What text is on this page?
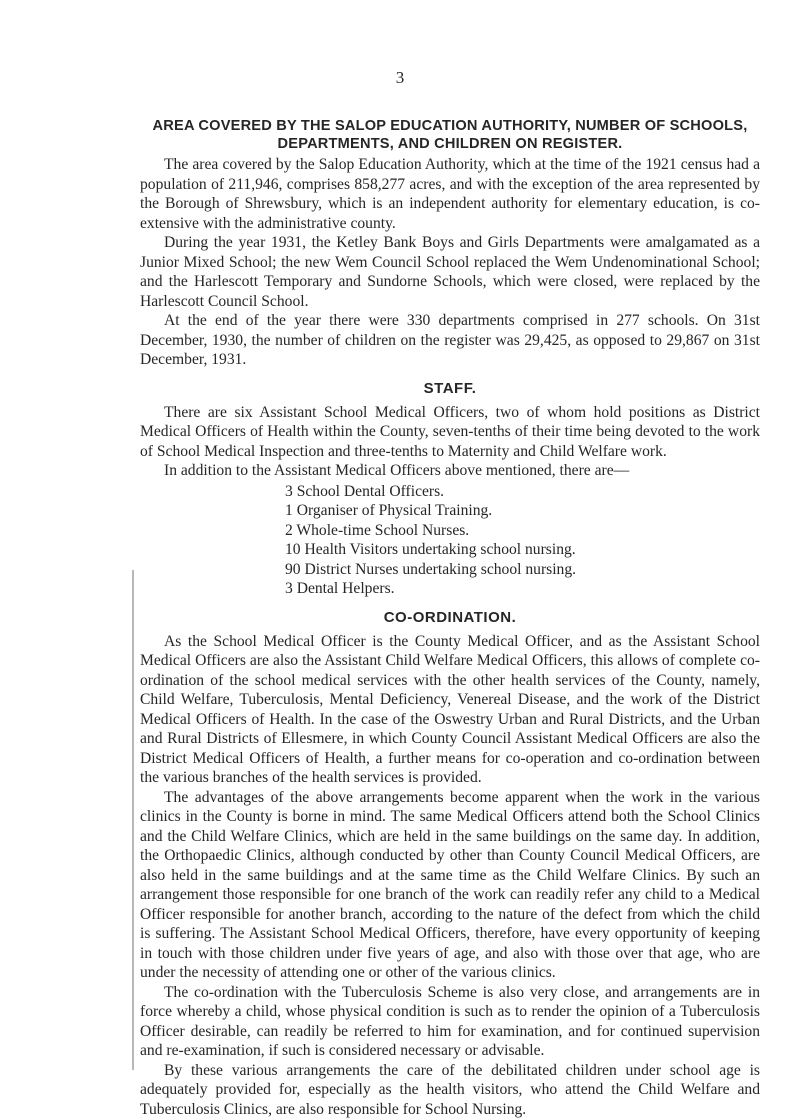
3
AREA COVERED BY THE SALOP EDUCATION AUTHORITY, NUMBER OF SCHOOLS, DEPARTMENTS, AND CHILDREN ON REGISTER.

The area covered by the Salop Education Authority, which at the time of the 1921 census had a population of 211,946, comprises 858,277 acres, and with the exception of the area represented by the Borough of Shrewsbury, which is an independent authority for elementary education, is co-extensive with the administrative county.

During the year 1931, the Ketley Bank Boys and Girls Departments were amalgamated as a Junior Mixed School; the new Wem Council School replaced the Wem Undenominational School; and the Harlescott Temporary and Sundorne Schools, which were closed, were replaced by the Harlescott Council School.

At the end of the year there were 330 departments comprised in 277 schools. On 31st December, 1930, the number of children on the register was 29,425, as opposed to 29,867 on 31st December, 1931.

STAFF.

There are six Assistant School Medical Officers, two of whom hold positions as District Medical Officers of Health within the County, seven-tenths of their time being devoted to the work of School Medical Inspection and three-tenths to Maternity and Child Welfare work.

In addition to the Assistant Medical Officers above mentioned, there are—

3 School Dental Officers.
1 Organiser of Physical Training.
2 Whole-time School Nurses.
10 Health Visitors undertaking school nursing.
90 District Nurses undertaking school nursing.
3 Dental Helpers.
CO-ORDINATION.

As the School Medical Officer is the County Medical Officer, and as the Assistant School Medical Officers are also the Assistant Child Welfare Medical Officers, this allows of complete co-ordination of the school medical services with the other health services of the County, namely, Child Welfare, Tuberculosis, Mental Deficiency, Venereal Disease, and the work of the District Medical Officers of Health. In the case of the Oswestry Urban and Rural Districts, and the Urban and Rural Districts of Ellesmere, in which County Council Assistant Medical Officers are also the District Medical Officers of Health, a further means for co-operation and co-ordination between the various branches of the health services is provided.

The advantages of the above arrangements become apparent when the work in the various clinics in the County is borne in mind. The same Medical Officers attend both the School Clinics and the Child Welfare Clinics, which are held in the same buildings on the same day. In addition, the Orthopaedic Clinics, although conducted by other than County Council Medical Officers, are also held in the same buildings and at the same time as the Child Welfare Clinics. By such an arrangement those responsible for one branch of the work can readily refer any child to a Medical Officer responsible for another branch, according to the nature of the defect from which the child is suffering. The Assistant School Medical Officers, therefore, have every opportunity of keeping in touch with those children under five years of age, and also with those over that age, who are under the necessity of attending one or other of the various clinics.

The co-ordination with the Tuberculosis Scheme is also very close, and arrangements are in force whereby a child, whose physical condition is such as to render the opinion of a Tuberculosis Officer desirable, can readily be referred to him for examination, and for continued supervision and re-examination, if such is considered necessary or advisable.

By these various arrangements the care of the debilitated children under school age is adequately provided for, especially as the health visitors, who attend the Child Welfare and Tuberculosis Clinics, are also responsible for School Nursing.
